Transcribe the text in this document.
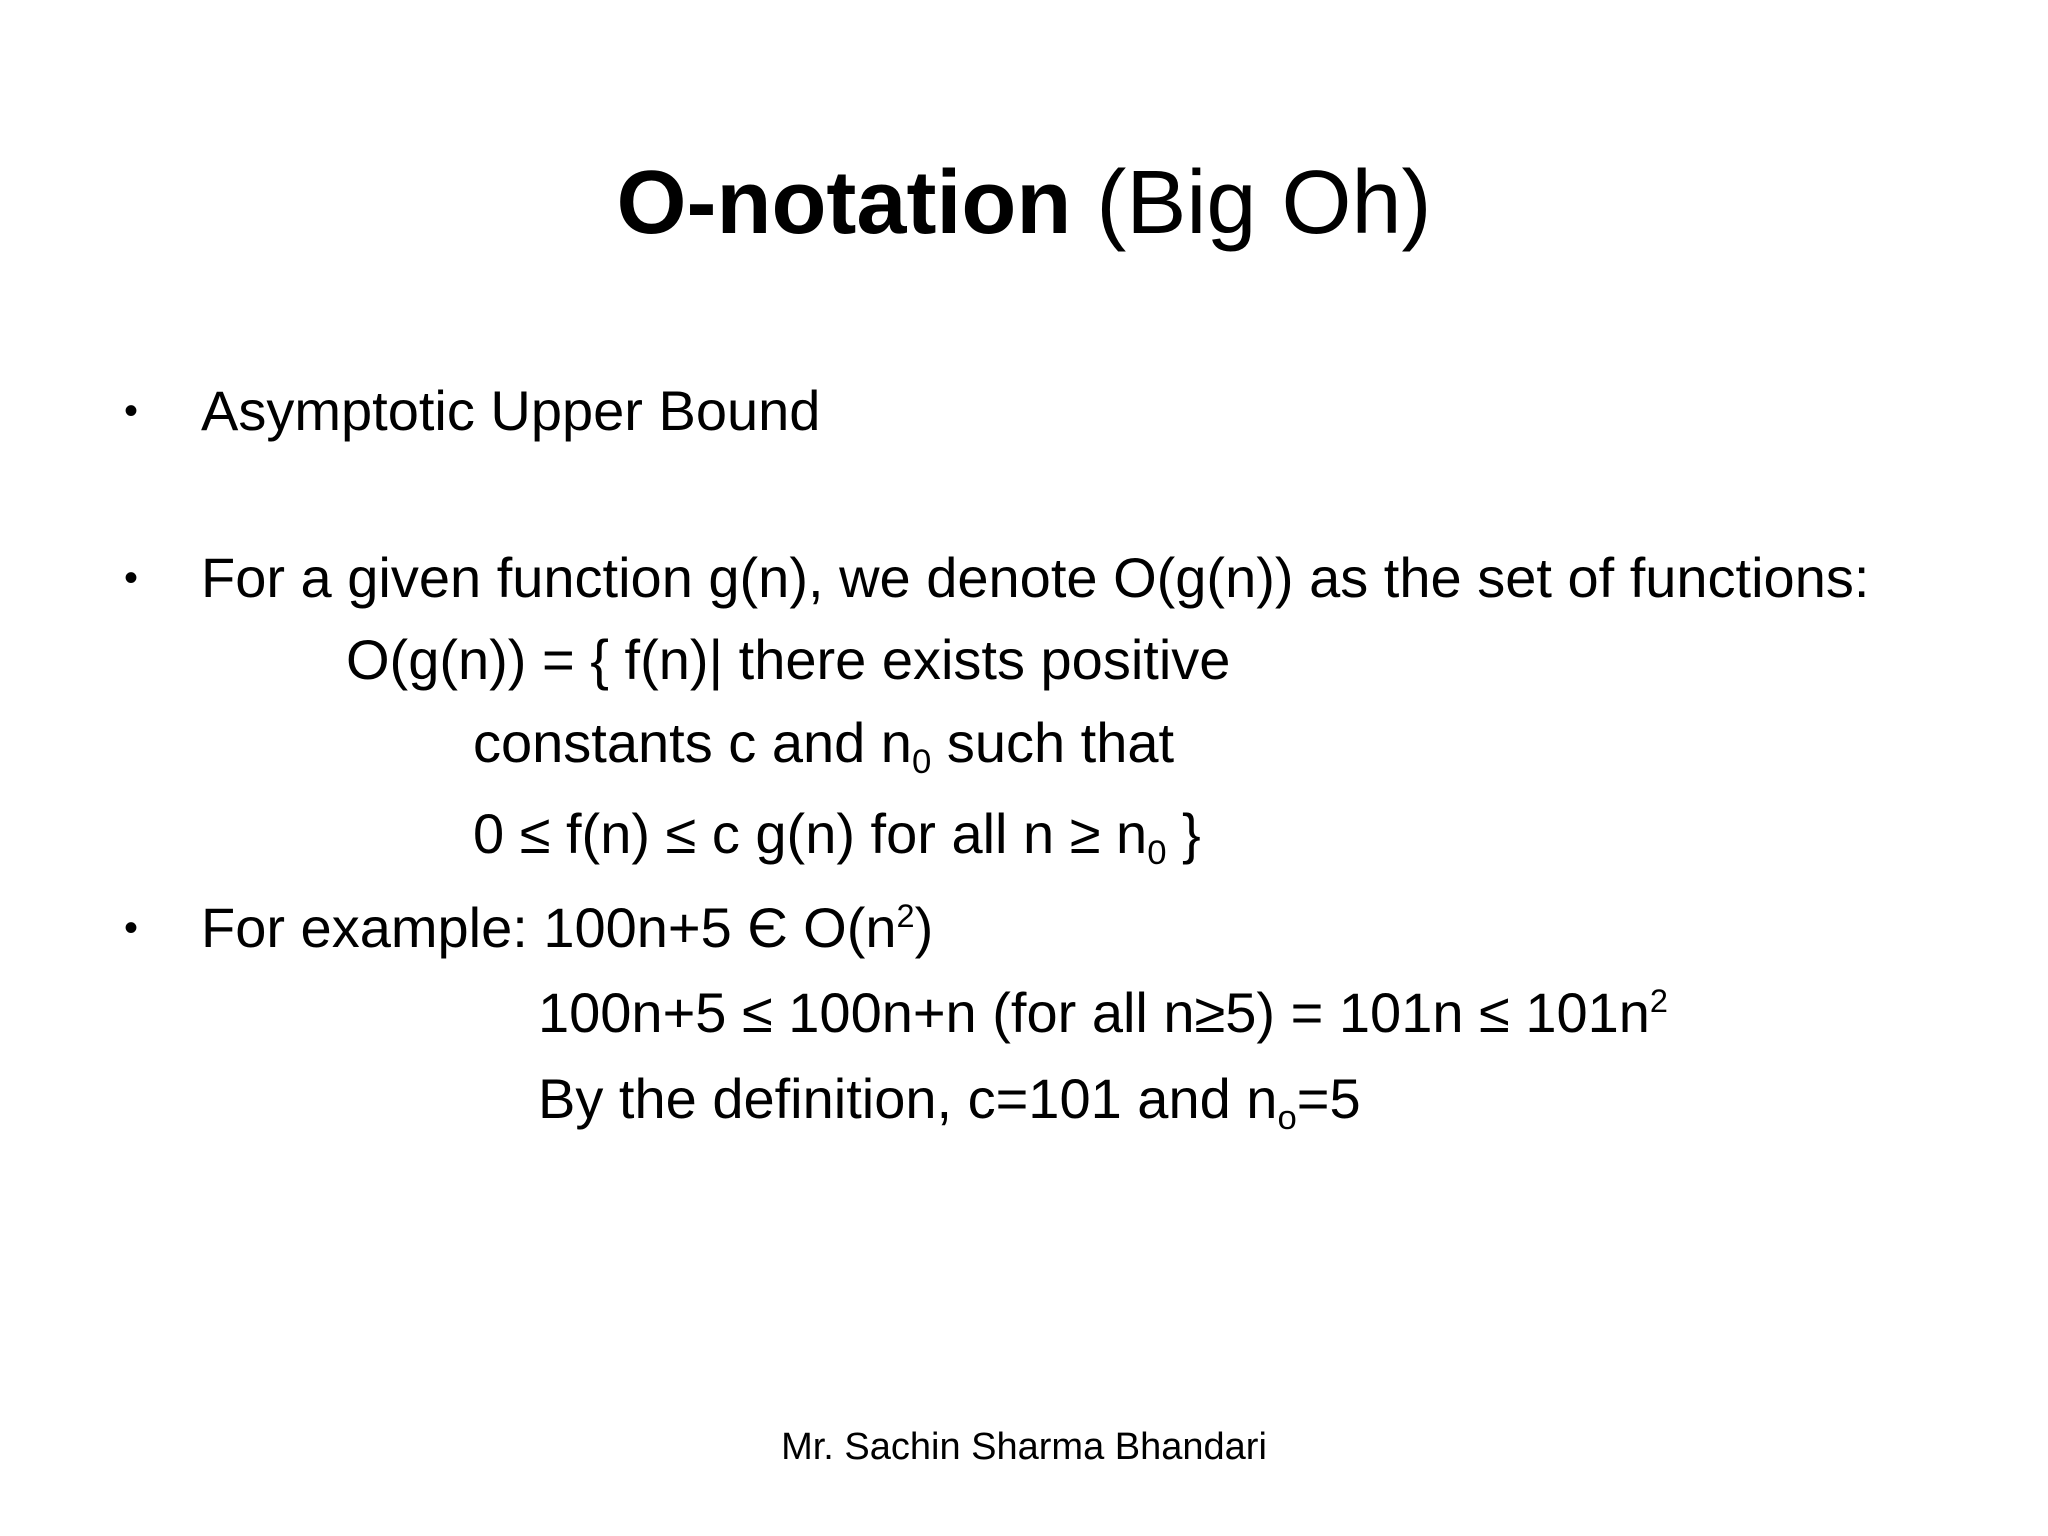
O-notation (Big Oh)
• Asymptotic Upper Bound
• For a given function g(n), we denote O(g(n)) as the set of functions:
O(g(n)) = { f(n)| there exists positive
constants c and $n_0$ such that
0 ≤ f(n) ≤ c g(n) for all $n \ge n_0$ }
• For example: 100n+5 Є $O(n^2)$
100n+5 ≤ 100n+n (for all $n\ge 5) = 101n \le 101n^2$
By the definition, c=101 and $n_o=5$
Mr. Sachin Sharma Bhandari
